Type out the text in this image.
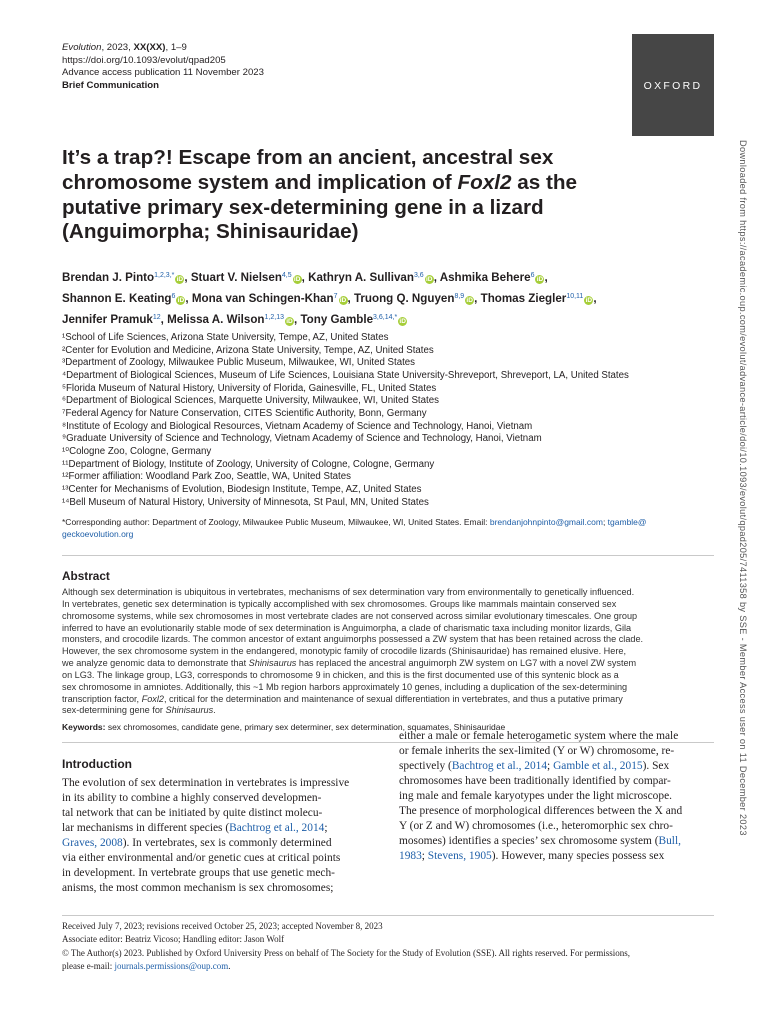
Evolution, 2023, XX(XX), 1–9
https://doi.org/10.1093/evolut/qpad205
Advance access publication 11 November 2023
Brief Communication	OXFORD
It’s a trap?! Escape from an ancient, ancestral sex
chromosome system and implication of Foxl2 as the
putative primary sex-determining gene in a lizard
(Anguimorpha; Shinisauridae)
Brendan J. Pinto$^{1,2,3,*}$iD, Stuart V. Nielsen$^{4,5}$iD, Kathryn A. Sullivan$^{3,6}$iD, Ashmika Behere$^6$iD,
Shannon E. Keating$^6$iD, Mona van Schingen-Khan$^7$iD, Truong Q. Nguyen$^{8,9}$iD, Thomas Ziegler$^{10,11}$iD,
Jennifer Pramuk$^{12}$, Melissa A. Wilson$^{1,2,13}$iD, Tony Gamble$^{3,6,14,*}$iD
¹School of Life Sciences, Arizona State University, Tempe, AZ, United States
²Center for Evolution and Medicine, Arizona State University, Tempe, AZ, United States
³Department of Zoology, Milwaukee Public Museum, Milwaukee, WI, United States
⁴Department of Biological Sciences, Museum of Life Sciences, Louisiana State University-Shreveport, Shreveport, LA, United States
⁵Florida Museum of Natural History, University of Florida, Gainesville, FL, United States
⁶Department of Biological Sciences, Marquette University, Milwaukee, WI, United States
⁷Federal Agency for Nature Conservation, CITES Scientific Authority, Bonn, Germany
⁸Institute of Ecology and Biological Resources, Vietnam Academy of Science and Technology, Hanoi, Vietnam
⁹Graduate University of Science and Technology, Vietnam Academy of Science and Technology, Hanoi, Vietnam
¹⁰Cologne Zoo, Cologne, Germany
¹¹Department of Biology, Institute of Zoology, University of Cologne, Cologne, Germany
¹²Former affiliation: Woodland Park Zoo, Seattle, WA, United States
¹³Center for Mechanisms of Evolution, Biodesign Institute, Tempe, AZ, United States
¹⁴Bell Museum of Natural History, University of Minnesota, St Paul, MN, United States
*Corresponding author: Department of Zoology, Milwaukee Public Museum, Milwaukee, WI, United States. Email: brendanjohnpinto@gmail.com; tgamble@
geckoevolution.org
Abstract
Although sex determination is ubiquitous in vertebrates, mechanisms of sex determination vary from environmentally to genetically influenced.
In vertebrates, genetic sex determination is typically accomplished with sex chromosomes. Groups like mammals maintain conserved sex
chromosome systems, while sex chromosomes in most vertebrate clades are not conserved across similar evolutionary timescales. One group
inferred to have an evolutionarily stable mode of sex determination is Anguimorpha, a clade of charismatic taxa including monitor lizards, Gila
monsters, and crocodile lizards. The common ancestor of extant anguimorphs possessed a ZW system that has been retained across the clade.
However, the sex chromosome system in the endangered, monotypic family of crocodile lizards (Shinisauridae) has remained elusive. Here,
we analyze genomic data to demonstrate that Shinisaurus has replaced the ancestral anguimorph ZW system on LG7 with a novel ZW system
on LG3. The linkage group, LG3, corresponds to chromosome 9 in chicken, and this is the first documented use of this syntenic block as a
sex chromosome in amniotes. Additionally, this ~1 Mb region harbors approximately 10 genes, including a duplication of the sex-determining
transcription factor, Foxl2, critical for the determination and maintenance of sexual differentiation in vertebrates, and thus a putative primary
sex-determining gene for Shinisaurus.
Keywords: sex chromosomes, candidate gene, primary sex determiner, sex determination, squamates, Shinisauridae
Introduction
The evolution of sex determination in vertebrates is impressive
in its ability to combine a highly conserved developmen-
tal network that can be initiated by quite distinct molecu-
lar mechanisms in different species (Bachtrog et al., 2014;
Graves, 2008). In vertebrates, sex is commonly determined
via either environmental and/or genetic cues at critical points
in development. In vertebrate groups that use genetic mech-
anisms, the most common mechanism is sex chromosomes;
either a male or female heterogametic system where the male
or female inherits the sex-limited (Y or W) chromosome, re-
spectively (Bachtrog et al., 2014; Gamble et al., 2015). Sex
chromosomes have been traditionally identified by compar-
ing male and female karyotypes under the light microscope.
The presence of morphological differences between the X and
Y (or Z and W) chromosomes (i.e., heteromorphic sex chro-
mosomes) identifies a species’ sex chromosome system (Bull,
1983; Stevens, 1905). However, many species possess sex
Received July 7, 2023; revisions received October 25, 2023; accepted November 8, 2023
Associate editor: Beatriz Vicoso; Handling editor: Jason Wolf
© The Author(s) 2023. Published by Oxford University Press on behalf of The Society for the Study of Evolution (SSE). All rights reserved. For permissions,
please e-mail: journals.permissions@oup.com.
Downloaded from https://academic.oup.com/evolut/advance-article/doi/10.1093/evolut/qpad205/7411358 by SSE - Member Access user on 11 December 2023
